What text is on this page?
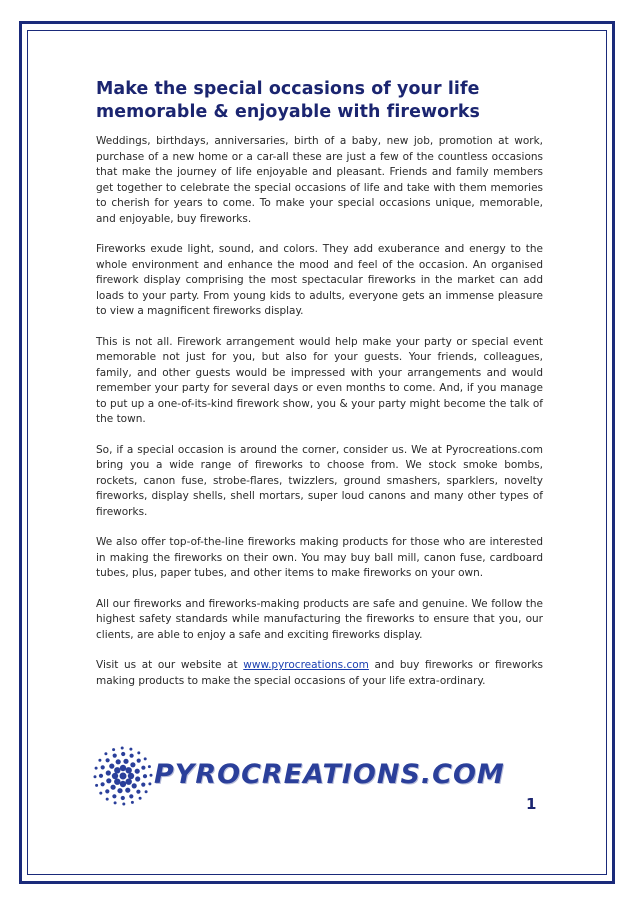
Make the special occasions of your life
memorable & enjoyable with fireworks

Weddings, birthdays, anniversaries, birth of a baby, new job, promotion at work, purchase of a new home or a car-all these are just a few of the countless occasions that make the journey of life enjoyable and pleasant. Friends and family members get together to celebrate the special occasions of life and take with them memories to cherish for years to come. To make your special occasions unique, memorable, and enjoyable, buy fireworks.

Fireworks exude light, sound, and colors. They add exuberance and energy to the whole environment and enhance the mood and feel of the occasion. An organised firework display comprising the most spectacular fireworks in the market can add loads to your party. From young kids to adults, everyone gets an immense pleasure to view a magnificent fireworks display.

This is not all. Firework arrangement would help make your party or special event memorable not just for you, but also for your guests. Your friends, colleagues, family, and other guests would be impressed with your arrangements and would remember your party for several days or even months to come. And, if you manage to put up a one-of-its-kind firework show, you & your party might become the talk of the town.

So, if a special occasion is around the corner, consider us. We at Pyrocreations.com bring you a wide range of fireworks to choose from. We stock smoke bombs, rockets, canon fuse, strobe-flares, twizzlers, ground smashers, sparklers, novelty fireworks, display shells, shell mortars, super loud canons and many other types of fireworks.

We also offer top-of-the-line fireworks making products for those who are interested in making the fireworks on their own. You may buy ball mill, canon fuse, cardboard tubes, plus, paper tubes, and other items to make fireworks on your own.

All our fireworks and fireworks-making products are safe and genuine. We follow the highest safety standards while manufacturing the fireworks to ensure that you, our clients, are able to enjoy a safe and exciting fireworks display.

Visit us at our website at www.pyrocreations.com and buy fireworks or fireworks making products to make the special occasions of your life extra-ordinary.

PYROCREATIONS.COM
1
